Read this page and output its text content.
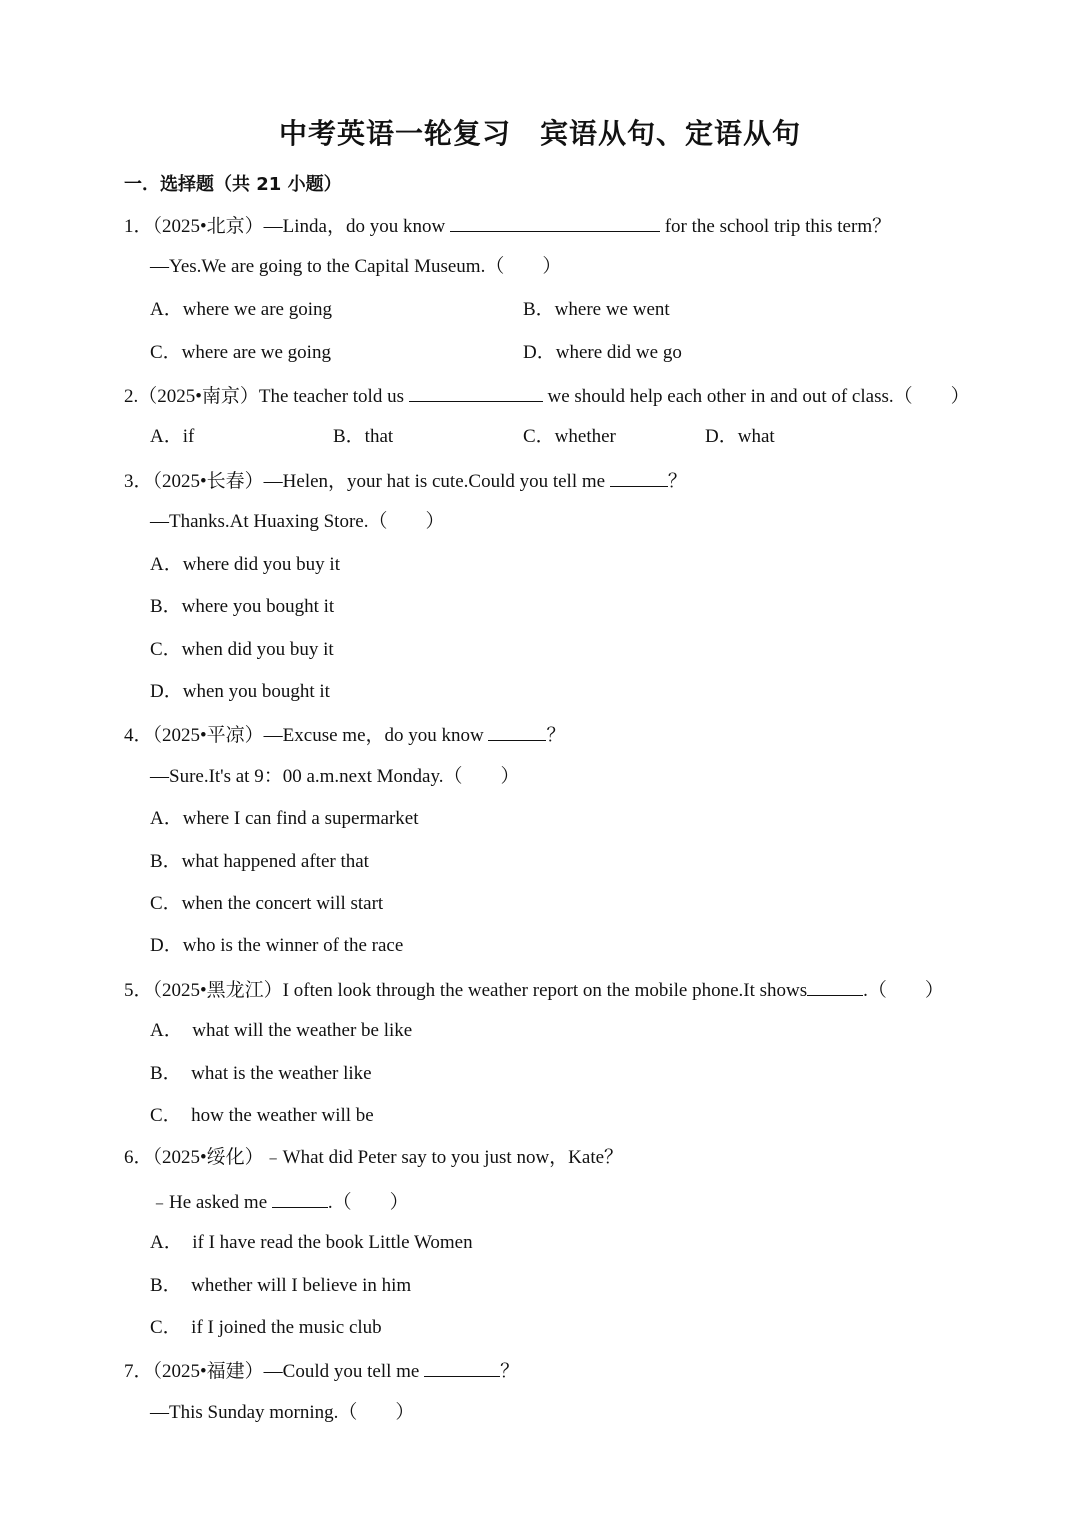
中考英语一轮复习　宾语从句、定语从句
一．选择题（共 21 小题）
1．（2025•北京）—Linda，do you know	for the school trip this term？
—Yes.We are going to the Capital Museum.（　　）
A．where we are going	B．where we went
C．where are we going	D．where did we go
2.（2025•南京）The teacher told us	we should help each other in and out of class.（　　）
A．if	B．that	C．whether	D．what
3．（2025•长春）—Helen，your hat is cute.Could you tell me	？
—Thanks.At Huaxing Store.（　　）
A．where did you buy it
B．where you bought it
C．when did you buy it
D．when you bought it
4．（2025•平凉）—Excuse me，do you know	？
—Sure.It's at 9：00 a.m.next Monday.（　　）
A．where I can find a supermarket
B．what happened after that
C．when the concert will start
D．who is the winner of the race
5．（2025•黑龙江）I often look through the weather report on the mobile phone.It shows	.（　　）
A．  what will the weather be like
B．  what is the weather like
C．  how the weather will be
6．（2025•绥化）﹣What did Peter say to you just now，Kate？
﹣He asked me	.（　　）
A．  if I have read the book Little Women
B．  whether will I believe in him
C．  if I joined the music club
7．（2025•福建）—Could you tell me	？
—This Sunday morning.（　　）
